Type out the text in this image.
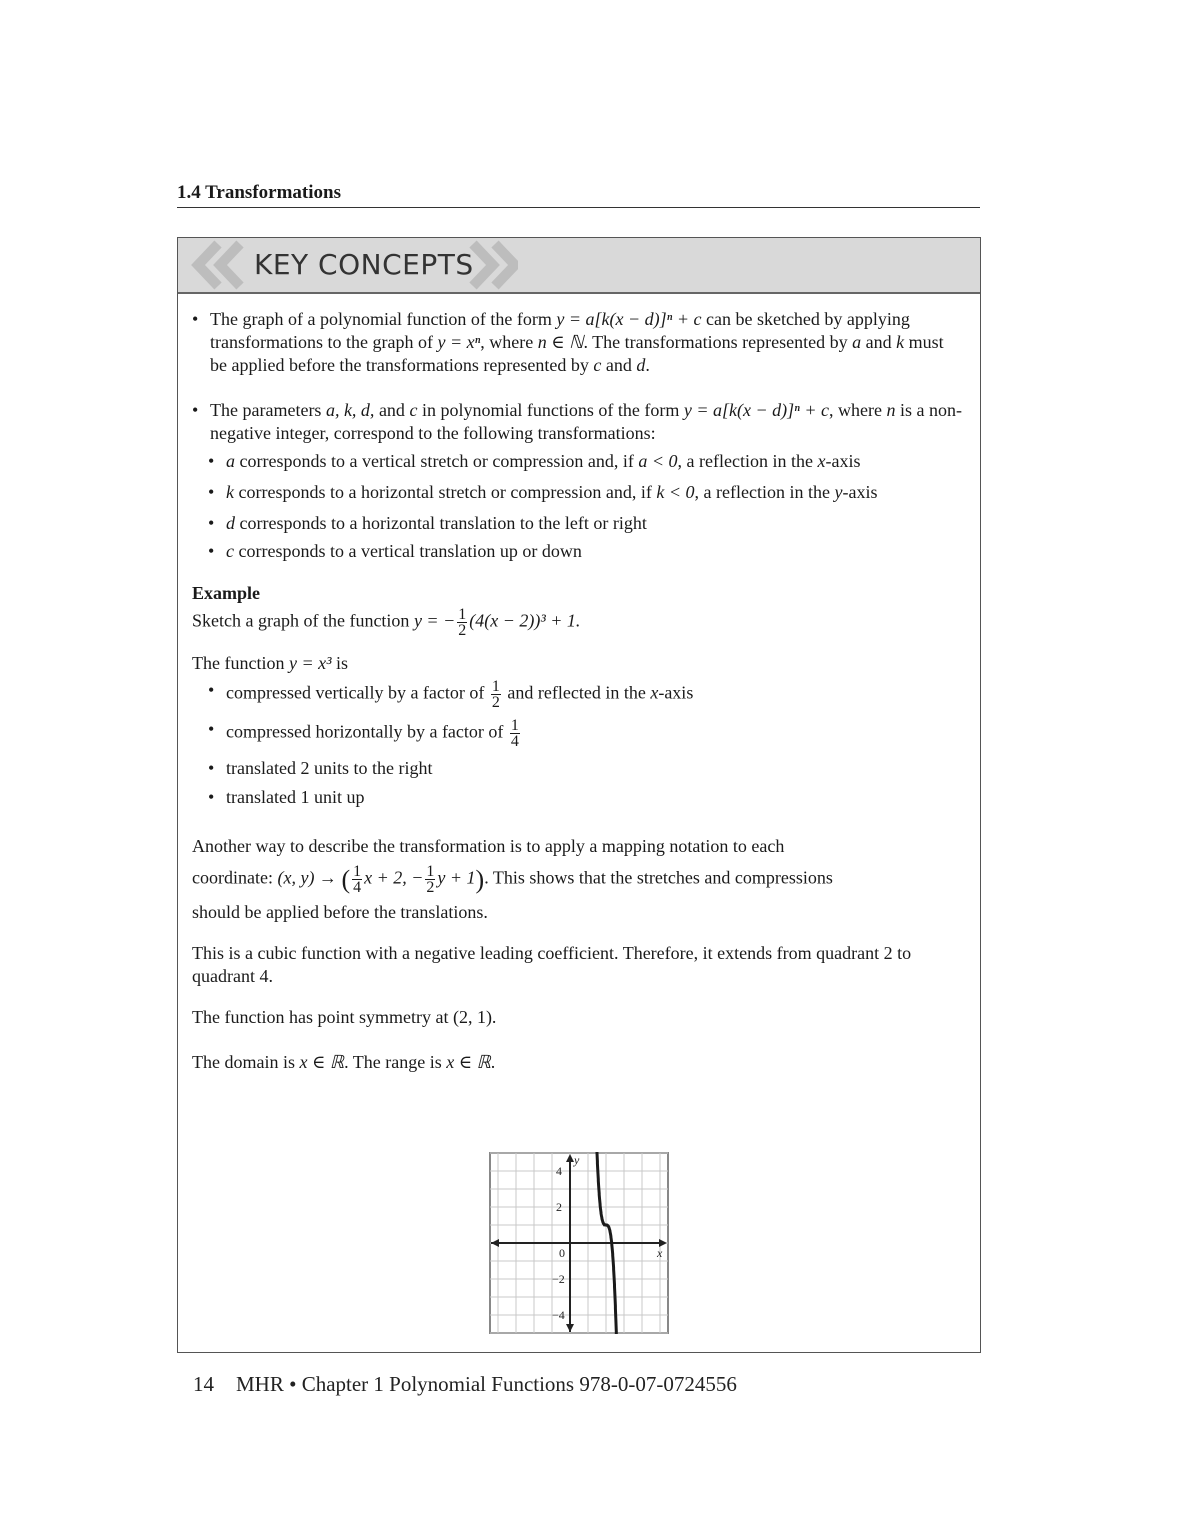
1.4 Transformations
KEY CONCEPTS
• The graph of a polynomial function of the form y = a[k(x − d)]ⁿ + c can be sketched by applying transformations to the graph of y = xⁿ, where n ∈ ℕ. The transformations represented by a and k must be applied before the transformations represented by c and d.
• The parameters a, k, d, and c in polynomial functions of the form y = a[k(x − d)]ⁿ + c, where n is a non-negative integer, correspond to the following transformations:
• a corresponds to a vertical stretch or compression and, if a < 0, a reflection in the x-axis
• k corresponds to a horizontal stretch or compression and, if k < 0, a reflection in the y-axis
• d corresponds to a horizontal translation to the left or right
• c corresponds to a vertical translation up or down
Example
Sketch a graph of the function y = − $\frac{1}{2} (4(x - 2))^3 + 1$.
The function y = x³ is
• compressed vertically by a factor of $\frac{1}{2}$ and reflected in the x-axis
• compressed horizontally by a factor of $\frac{1}{4}$
• translated 2 units to the right
• translated 1 unit up
Another way to describe the transformation is to apply a mapping notation to each
coordinate: (x, y) → ( $\frac{1}{4}$ x + 2, − $\frac{1}{2}$ y + 1). This shows that the stretches and compressions
should be applied before the translations.
This is a cubic function with a negative leading coefficient. Therefore, it extends from quadrant 2 to quadrant 4.
The function has point symmetry at (2, 1).
The domain is x ∈ ℝ. The range is x ∈ ℝ.
4
2
−2
−4
0	x
y
14 MHR • Chapter 1 Polynomial Functions 978-0-07-0724556
